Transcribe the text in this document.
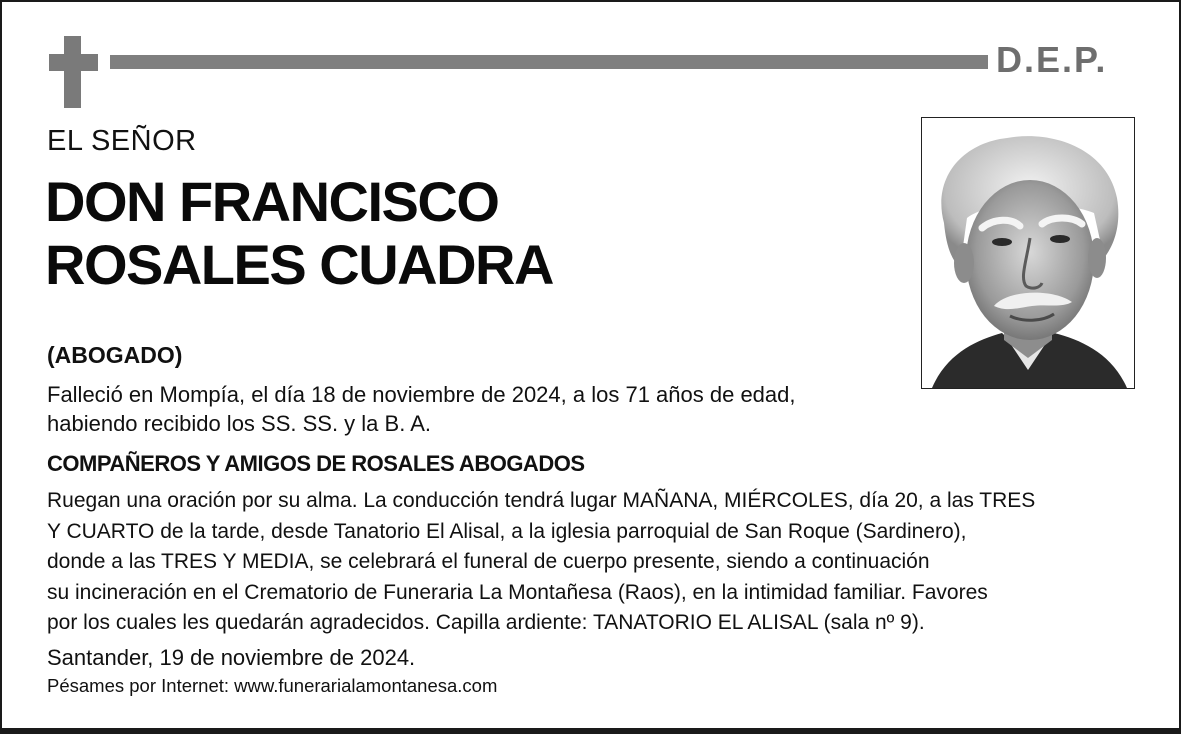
D.E.P.
EL SEÑOR
DON FRANCISCO
ROSALES CUADRA
(ABOGADO)
Falleció en Mompía, el día 18 de noviembre de 2024, a los 71 años de edad,
habiendo recibido los SS. SS. y la B. A.
COMPAÑEROS Y AMIGOS DE ROSALES ABOGADOS
Ruegan una oración por su alma. La conducción tendrá lugar MAÑANA, MIÉRCOLES, día 20, a las TRES
Y CUARTO de la tarde, desde Tanatorio El Alisal, a la iglesia parroquial de San Roque (Sardinero),
donde a las TRES Y MEDIA, se celebrará el funeral de cuerpo presente, siendo a continuación
su incineración en el Crematorio de Funeraria La Montañesa (Raos), en la intimidad familiar. Favores
por los cuales les quedarán agradecidos. Capilla ardiente: TANATORIO EL ALISAL (sala nº 9).
Santander, 19 de noviembre de 2024.
Pésames por Internet: www.funerarialamontanesa.com
